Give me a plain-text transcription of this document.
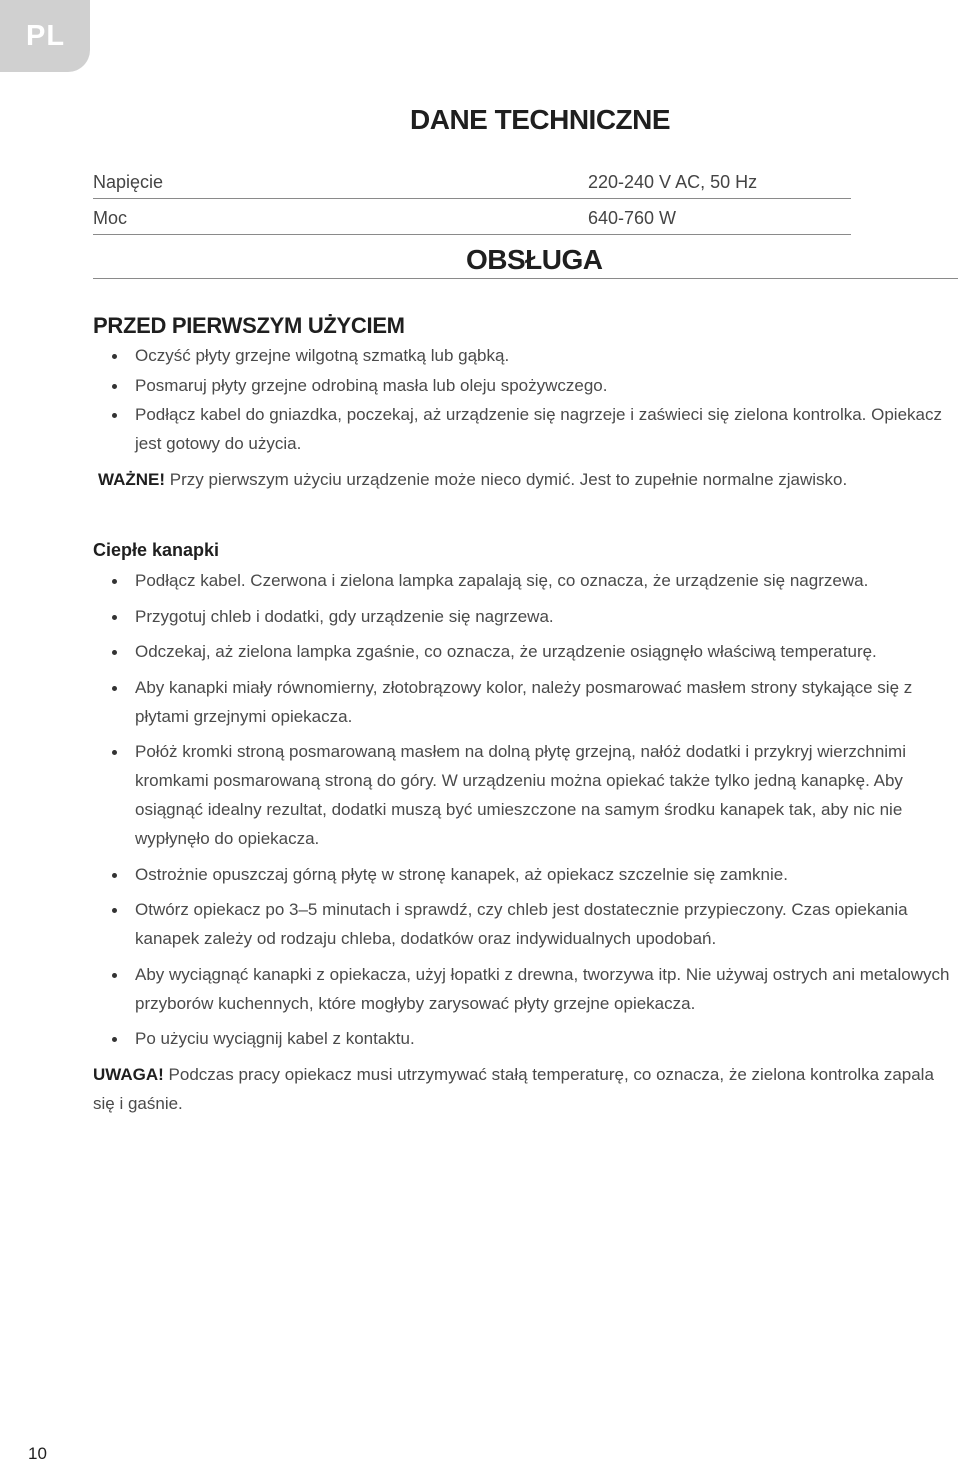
PL
DANE TECHNICZNE
Napięcie	220-240 V AC, 50 Hz
Moc	640-760 W
OBSŁUGA
PRZED PIERWSZYM UŻYCIEM
Oczyść płyty grzejne wilgotną szmatką lub gąbką.
Posmaruj płyty grzejne odrobiną masła lub oleju spożywczego.
Podłącz kabel do gniazdka, poczekaj, aż urządzenie się nagrzeje i zaświeci się zielona kontrolka. Opiekacz jest gotowy do użycia.
WAŻNE! Przy pierwszym użyciu urządzenie może nieco dymić. Jest to zupełnie normalne zjawisko.
Ciepłe kanapki
Podłącz kabel. Czerwona i zielona lampka zapalają się, co oznacza, że urządzenie się nagrzewa.
Przygotuj chleb i dodatki, gdy urządzenie się nagrzewa.
Odczekaj, aż zielona lampka zgaśnie, co oznacza, że urządzenie osiągnęło właściwą temperaturę.
Aby kanapki miały równomierny, złotobrązowy kolor, należy posmarować masłem strony stykające się z płytami grzejnymi opiekacza.
Połóż kromki stroną posmarowaną masłem na dolną płytę grzejną, nałóż dodatki i przykryj wierzchnimi kromkami posmarowaną stroną do góry. W urządzeniu można opiekać także tylko jedną kanapkę. Aby osiągnąć idealny rezultat, dodatki muszą być umieszczone na samym środku kanapek tak, aby nic nie wypłynęło do opiekacza.
Ostrożnie opuszczaj górną płytę w stronę kanapek, aż opiekacz szczelnie się zamknie.
Otwórz opiekacz po 3–5 minutach i sprawdź, czy chleb jest dostatecznie przypieczony. Czas opiekania kanapek zależy od rodzaju chleba, dodatków oraz indywidualnych upodobań.
Aby wyciągnąć kanapki z opiekacza, użyj łopatki z drewna, tworzywa itp. Nie używaj ostrych ani metalowych przyborów kuchennych, które mogłyby zarysować płyty grzejne opiekacza.
Po użyciu wyciągnij kabel z kontaktu.
UWAGA! Podczas pracy opiekacz musi utrzymywać stałą temperaturę, co oznacza, że zielona kontrolka zapala się i gaśnie.
10
